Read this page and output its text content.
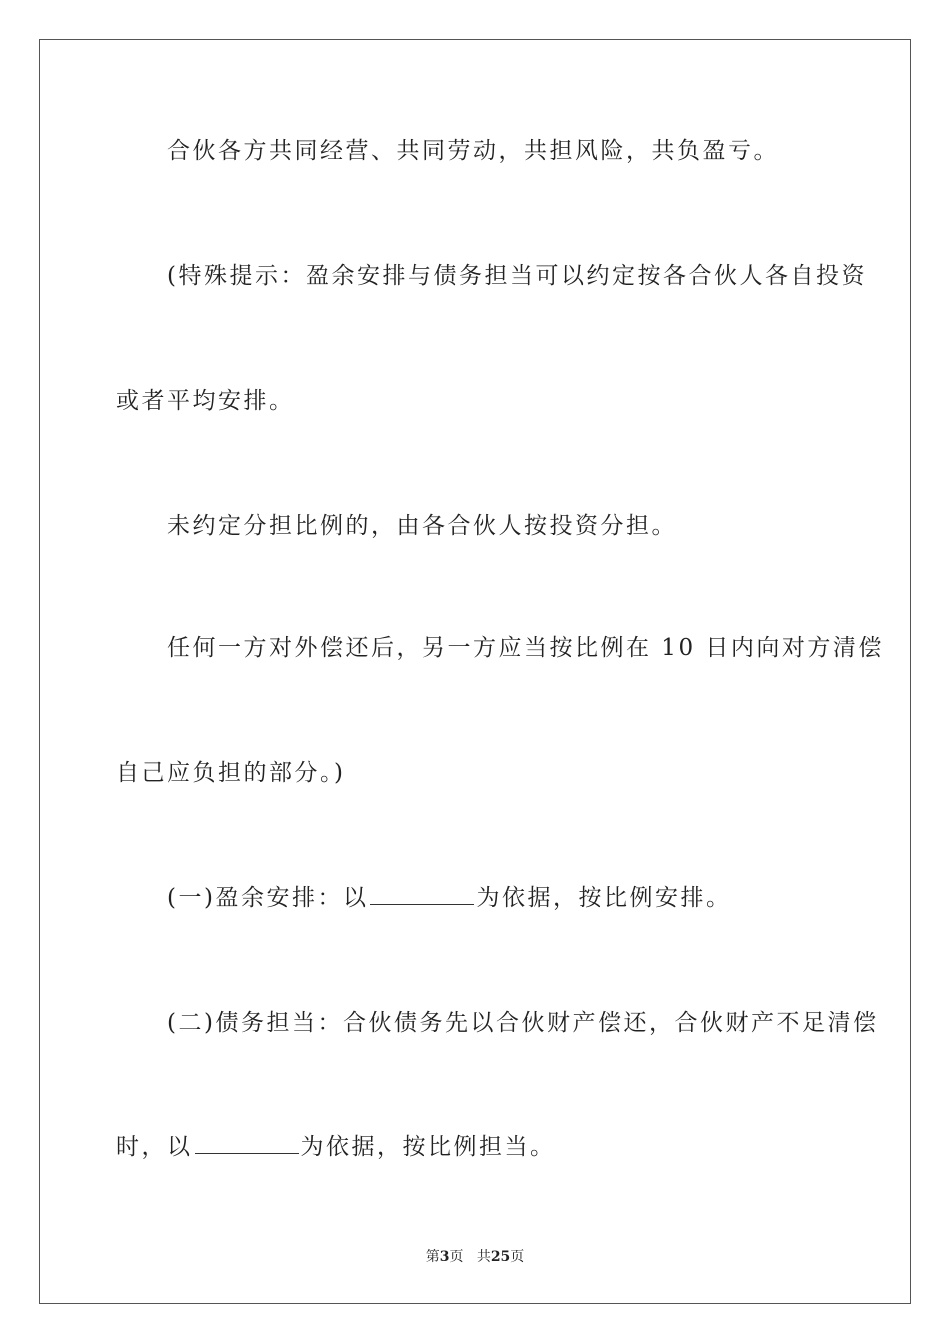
合伙各方共同经营、共同劳动，共担风险，共负盈亏。
(特殊提示：盈余安排与债务担当可以约定按各合伙人各自投资
或者平均安排。
未约定分担比例的，由各合伙人按投资分担。
任何一方对外偿还后，另一方应当按比例在 10 日内向对方清偿
自己应负担的部分。)
(一)盈余安排：以	为依据，按比例安排。
(二)债务担当：合伙债务先以合伙财产偿还，合伙财产不足清偿
时，以	为依据，按比例担当。
第3页 共25页
